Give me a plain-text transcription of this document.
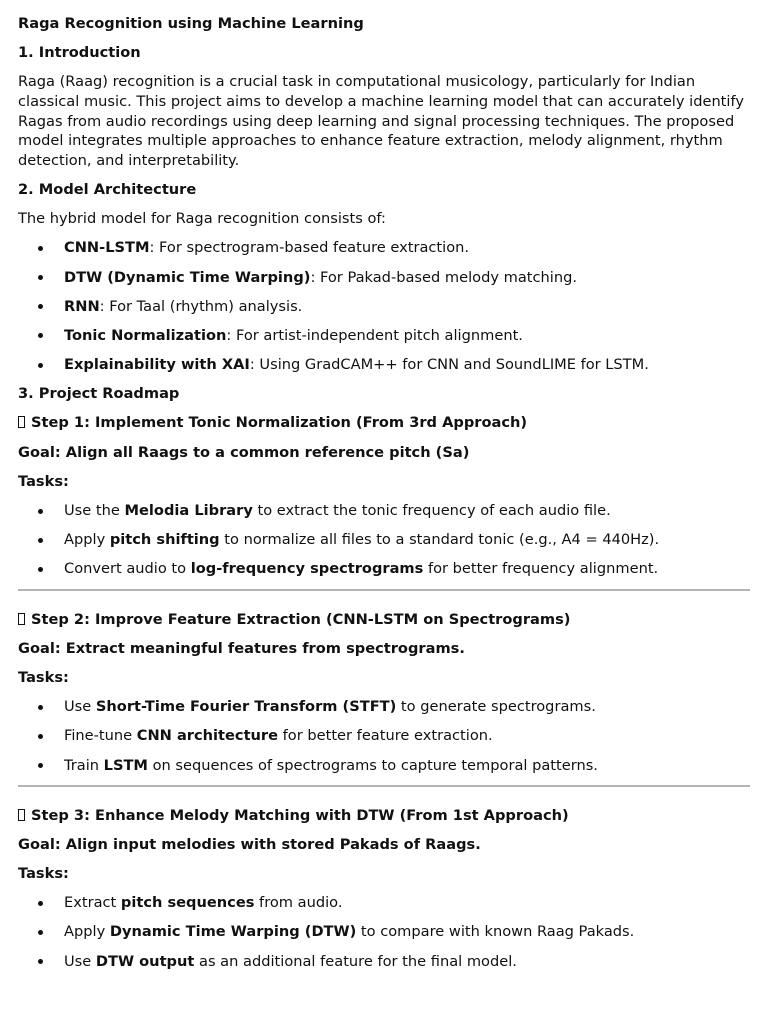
Raga Recognition using Machine Learning
1. Introduction
Raga (Raag) recognition is a crucial task in computational musicology, particularly for Indian classical music. This project aims to develop a machine learning model that can accurately identify Ragas from audio recordings using deep learning and signal processing techniques. The proposed model integrates multiple approaches to enhance feature extraction, melody alignment, rhythm detection, and interpretability.
2. Model Architecture
The hybrid model for Raga recognition consists of:
CNN-LSTM: For spectrogram-based feature extraction.
DTW (Dynamic Time Warping): For Pakad-based melody matching.
RNN: For Taal (rhythm) analysis.
Tonic Normalization: For artist-independent pitch alignment.
Explainability with XAI: Using GradCAM++ for CNN and SoundLIME for LSTM.
3. Project Roadmap
Step 1: Implement Tonic Normalization (From 3rd Approach)
Goal: Align all Raags to a common reference pitch (Sa)
Tasks:
Use the Melodia Library to extract the tonic frequency of each audio file.
Apply pitch shifting to normalize all files to a standard tonic (e.g., A4 = 440Hz).
Convert audio to log-frequency spectrograms for better frequency alignment.
Step 2: Improve Feature Extraction (CNN-LSTM on Spectrograms)
Goal: Extract meaningful features from spectrograms.
Tasks:
Use Short-Time Fourier Transform (STFT) to generate spectrograms.
Fine-tune CNN architecture for better feature extraction.
Train LSTM on sequences of spectrograms to capture temporal patterns.
Step 3: Enhance Melody Matching with DTW (From 1st Approach)
Goal: Align input melodies with stored Pakads of Raags.
Tasks:
Extract pitch sequences from audio.
Apply Dynamic Time Warping (DTW) to compare with known Raag Pakads.
Use DTW output as an additional feature for the final model.
